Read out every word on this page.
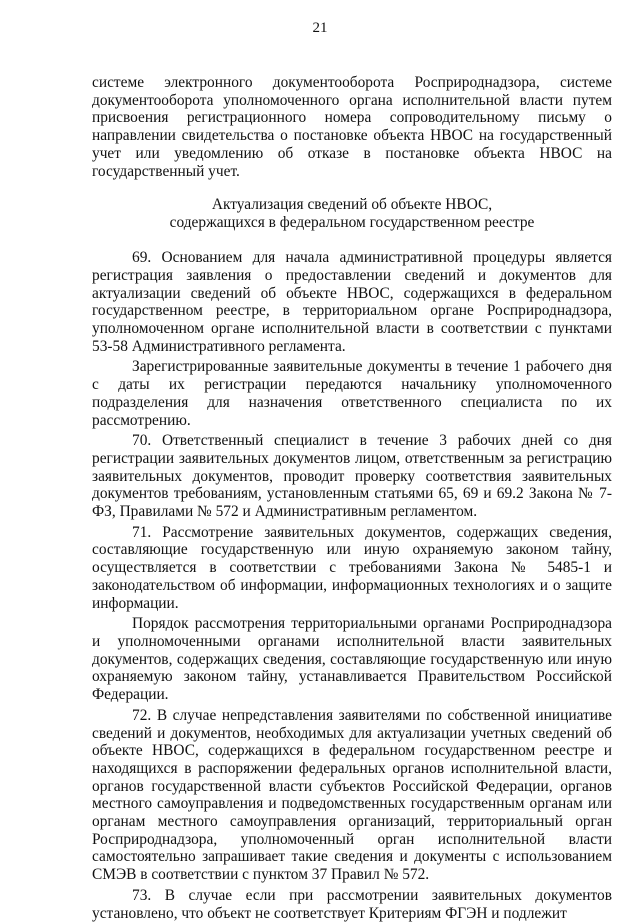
21

системе электронного документооборота Росприроднадзора, системе документооборота уполномоченного органа исполнительной власти путем присвоения регистрационного номера сопроводительному письму о направлении свидетельства о постановке объекта НВОС на государственный учет или уведомлению об отказе в постановке объекта НВОС на государственный учет.

Актуализация сведений об объекте НВОС,
содержащихся в федеральном государственном реестре

69. Основанием для начала административной процедуры является регистрация заявления о предоставлении сведений и документов для актуализации сведений об объекте НВОС, содержащихся в федеральном государственном реестре, в территориальном органе Росприроднадзора, уполномоченном органе исполнительной власти в соответствии с пунктами 53-58 Административного регламента.

Зарегистрированные заявительные документы в течение 1 рабочего дня с даты их регистрации передаются начальнику уполномоченного подразделения для назначения ответственного специалиста по их рассмотрению.

70. Ответственный специалист в течение 3 рабочих дней со дня регистрации заявительных документов лицом, ответственным за регистрацию заявительных документов, проводит проверку соответствия заявительных документов требованиям, установленным статьями 65, 69 и 69.2 Закона № 7-ФЗ, Правилами № 572 и Административным регламентом.

71. Рассмотрение заявительных документов, содержащих сведения, составляющие государственную или иную охраняемую законом тайну, осуществляется в соответствии с требованиями Закона № 5485-1 и законодательством об информации, информационных технологиях и о защите информации.

Порядок рассмотрения территориальными органами Росприроднадзора и уполномоченными органами исполнительной власти заявительных документов, содержащих сведения, составляющие государственную или иную охраняемую законом тайну, устанавливается Правительством Российской Федерации.

72. В случае непредставления заявителями по собственной инициативе сведений и документов, необходимых для актуализации учетных сведений об объекте НВОС, содержащихся в федеральном государственном реестре и находящихся в распоряжении федеральных органов исполнительной власти, органов государственной власти субъектов Российской Федерации, органов местного самоуправления и подведомственных государственным органам или органам местного самоуправления организаций, территориальный орган Росприроднадзора, уполномоченный орган исполнительной власти самостоятельно запрашивает такие сведения и документы с использованием СМЭВ в соответствии с пунктом 37 Правил № 572.

73. В случае если при рассмотрении заявительных документов установлено, что объект не соответствует Критериям ФГЭН и подлежит
